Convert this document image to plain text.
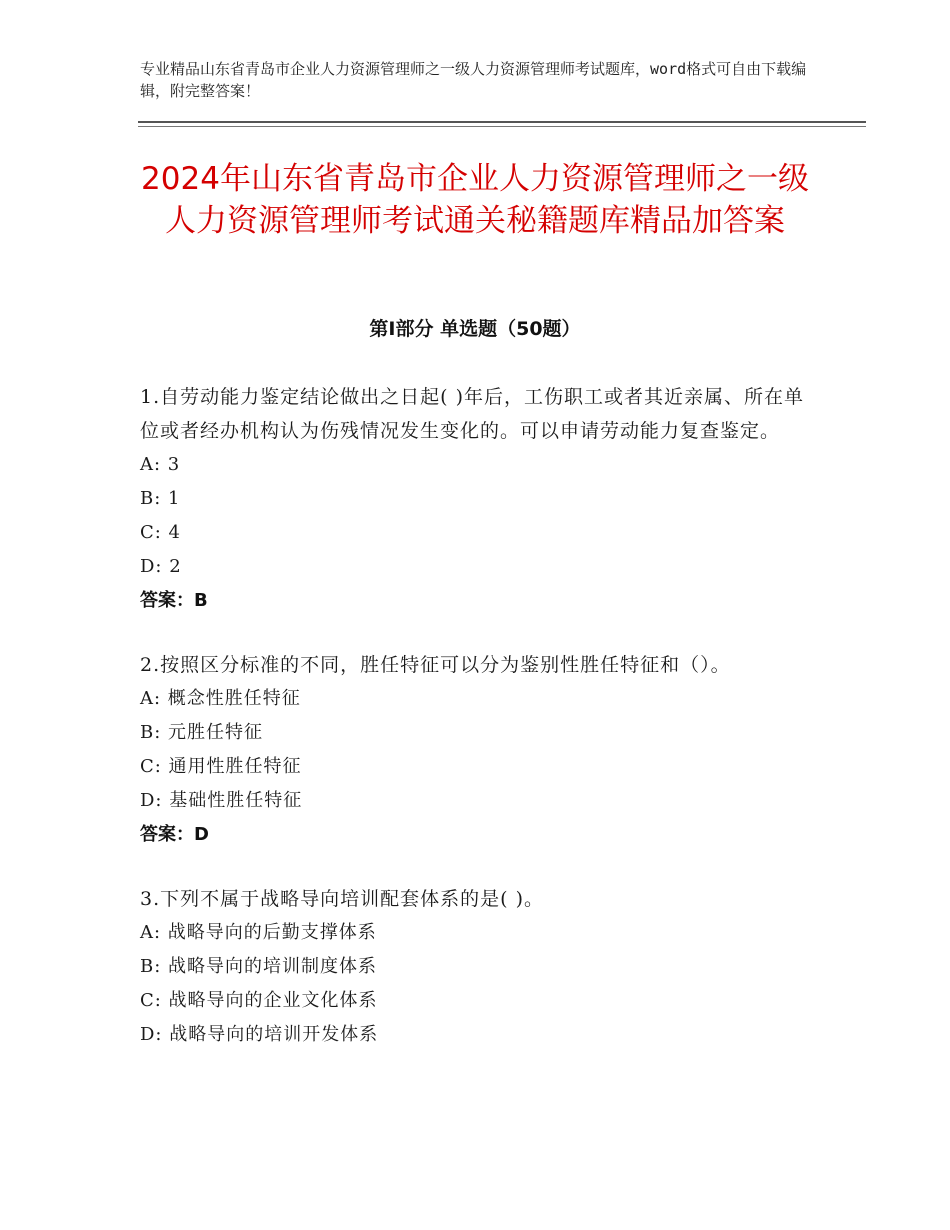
专业精品山东省青岛市企业人力资源管理师之一级人力资源管理师考试题库，word格式可自由下载编辑，附完整答案！
2024年山东省青岛市企业人力资源管理师之一级人力资源管理师考试通关秘籍题库精品加答案
第Ⅰ部分 单选题（50题）
1.自劳动能力鉴定结论做出之日起( )年后，工伤职工或者其近亲属、所在单位或者经办机构认为伤残情况发生变化的。可以申请劳动能力复查鉴定。
A: 3
B: 1
C: 4
D: 2
答案：B
2.按照区分标准的不同，胜任特征可以分为鉴别性胜任特征和（）。
A: 概念性胜任特征
B: 元胜任特征
C: 通用性胜任特征
D: 基础性胜任特征
答案：D
3.下列不属于战略导向培训配套体系的是( )。
A: 战略导向的后勤支撑体系
B: 战略导向的培训制度体系
C: 战略导向的企业文化体系
D: 战略导向的培训开发体系
